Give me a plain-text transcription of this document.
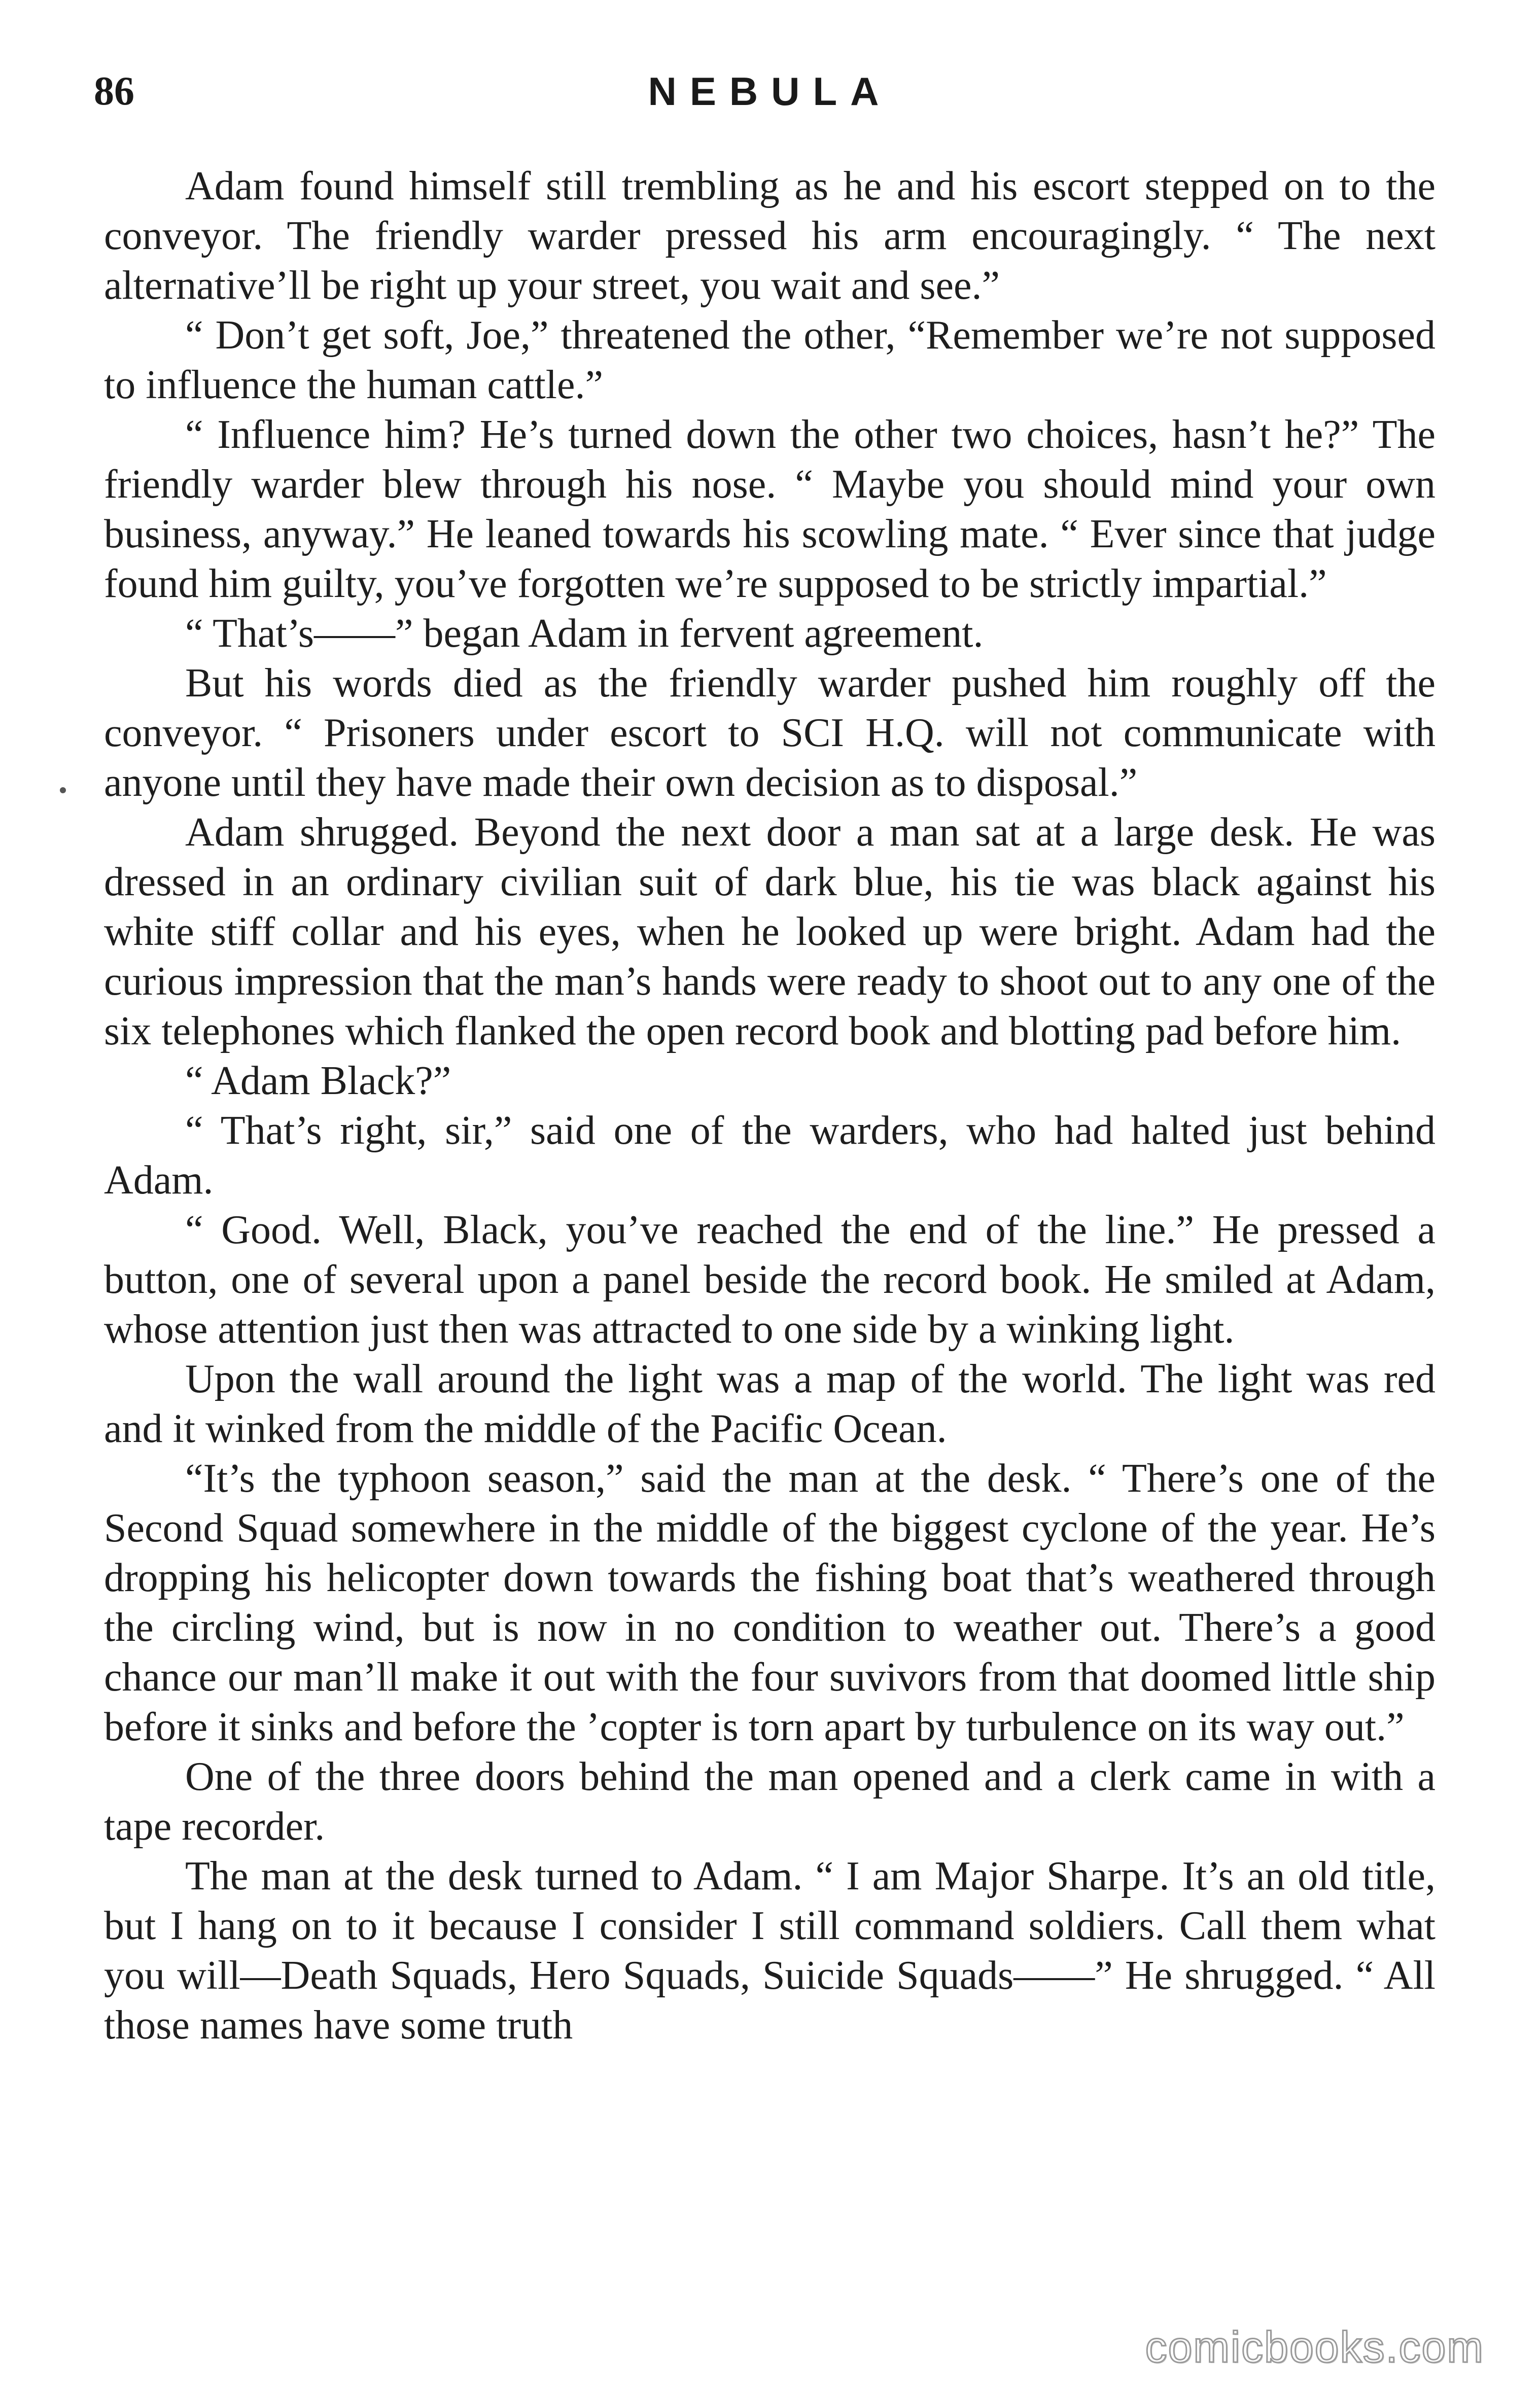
86	NEBULA

Adam found himself still trembling as he and his escort stepped on to the conveyor. The friendly warder pressed his arm encouragingly. “ The next alternative’ll be right up your street, you wait and see.”

“ Don’t get soft, Joe,” threatened the other, “Remember we’re not supposed to influence the human cattle.”

“ Influence him? He’s turned down the other two choices, hasn’t he?” The friendly warder blew through his nose. “ Maybe you should mind your own business, anyway.” He leaned towards his scowling mate. “ Ever since that judge found him guilty, you’ve forgotten we’re supposed to be strictly impartial.”

“ That’s——” began Adam in fervent agreement.

But his words died as the friendly warder pushed him roughly off the conveyor. “ Prisoners under escort to SCI H.Q. will not communicate with anyone until they have made their own decision as to disposal.”

Adam shrugged. Beyond the next door a man sat at a large desk. He was dressed in an ordinary civilian suit of dark blue, his tie was black against his white stiff collar and his eyes, when he looked up were bright. Adam had the curious impression that the man’s hands were ready to shoot out to any one of the six telephones which flanked the open record book and blotting pad before him.

“ Adam Black?”

“ That’s right, sir,” said one of the warders, who had halted just behind Adam.

“ Good. Well, Black, you’ve reached the end of the line.” He pressed a button, one of several upon a panel beside the record book. He smiled at Adam, whose attention just then was attracted to one side by a winking light.

Upon the wall around the light was a map of the world. The light was red and it winked from the middle of the Pacific Ocean.

“It’s the typhoon season,” said the man at the desk. “ There’s one of the Second Squad somewhere in the middle of the biggest cyclone of the year. He’s dropping his helicopter down towards the fishing boat that’s weathered through the circling wind, but is now in no condition to weather out. There’s a good chance our man’ll make it out with the four suvivors from that doomed little ship before it sinks and before the ’copter is torn apart by turbulence on its way out.”

One of the three doors behind the man opened and a clerk came in with a tape recorder.

The man at the desk turned to Adam. “ I am Major Sharpe. It’s an old title, but I hang on to it because I consider I still command soldiers. Call them what you will—Death Squads, Hero Squads, Suicide Squads——” He shrugged. “ All those names have some truth

comicbooks.com
